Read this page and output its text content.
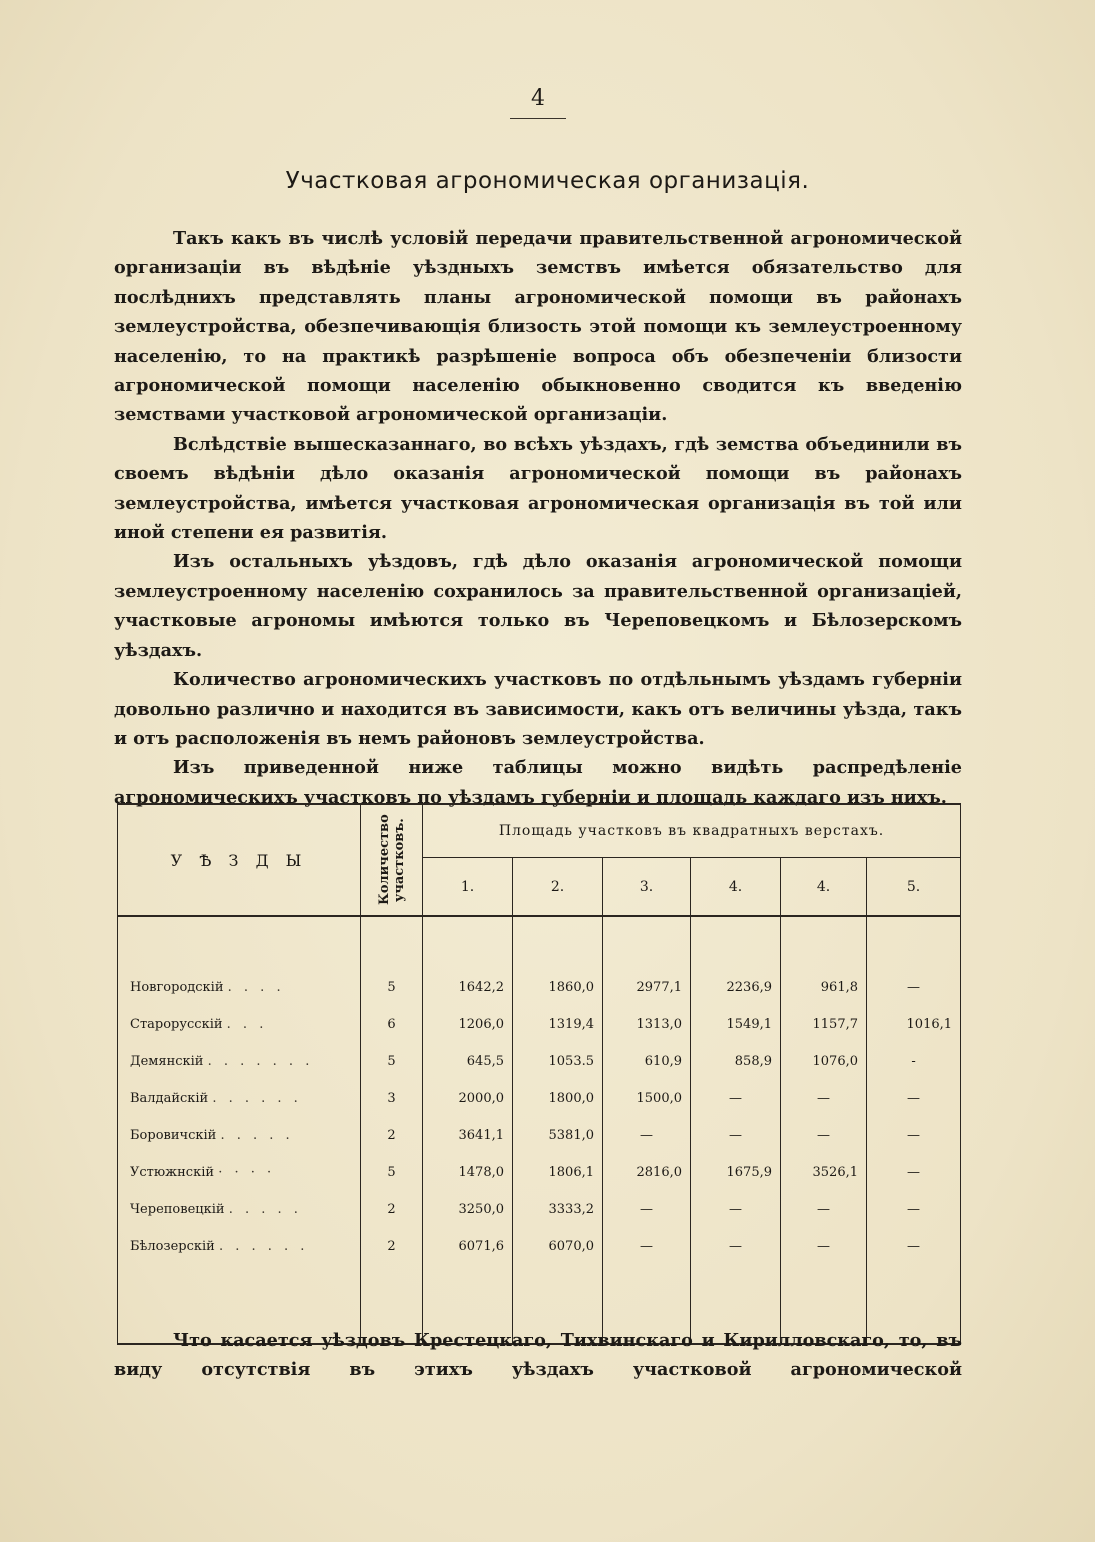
4
Участковая агрономическая организація.

Такъ какъ въ числѣ условій передачи правительственной агрономической организаціи въ вѣдѣніе уѣздныхъ земствъ имѣется обязательство для послѣднихъ представлять планы агрономической помощи въ районахъ землеустройства, обезпечивающія близость этой помощи къ землеустроенному населенію, то на практикѣ разрѣшеніе вопроса объ обезпеченіи близости агрономической помощи населенію обыкновенно сводится къ введенію земствами участковой агрономической организаціи.

Вслѣдствіе вышесказаннаго, во всѣхъ уѣздахъ, гдѣ земства объединили въ своемъ вѣдѣніи дѣло оказанія агрономической помощи въ районахъ землеустройства, имѣется участковая агрономическая организація въ той или иной степени ея развитія.

Изъ остальныхъ уѣздовъ, гдѣ дѣло оказанія агрономической помощи землеустроенному населенію сохранилось за правительственной организаціей, участковые агрономы имѣются только въ Череповецкомъ и Бѣлозерскомъ уѣздахъ.

Количество агрономическихъ участковъ по отдѣльнымъ уѣздамъ губерніи довольно различно и находится въ зависимости, какъ отъ величины уѣзда, такъ и отъ расположенія въ немъ районовъ землеустройства.

Изъ приведенной ниже таблицы можно видѣть распредѣленіе агрономическихъ участковъ по уѣздамъ губерніи и площадь каждаго изъ нихъ.

У Ѣ З Д Ы	Количество участковъ.	Площадь участковъ въ квадратныхъ верстахъ.					
		1.	2.	3.	4.	4.	5.

Новгородскій . . . .	5	1642,2	1860,0	2977,1	2236,9	961,8	—
Старорусскій . . .	6	1206,0	1319,4	1313,0	1549,1	1157,7	1016,1
Демянскій . . . . . . .	5	645,5	1053.5	610,9	858,9	1076,0	-
Валдайскій . . . . . .	3	2000,0	1800,0	1500,0	—	—	—
Боровичскій . . . . .	2	3641,1	5381,0	—	—	—	—
Устюжнскій · · · ·	5	1478,0	1806,1	2816,0	1675,9	3526,1	—
Череповецкій . . . . .	2	3250,0	3333,2	—	—	—	—
Бѣлозерскій . . . . . .	2	6071,6	6070,0	—	—	—	—

Что касается уѣздовъ Крестецкаго, Тихвинскаго и Кирилловскаго, то, въ виду отсутствія въ этихъ уѣздахъ участковой агрономической
